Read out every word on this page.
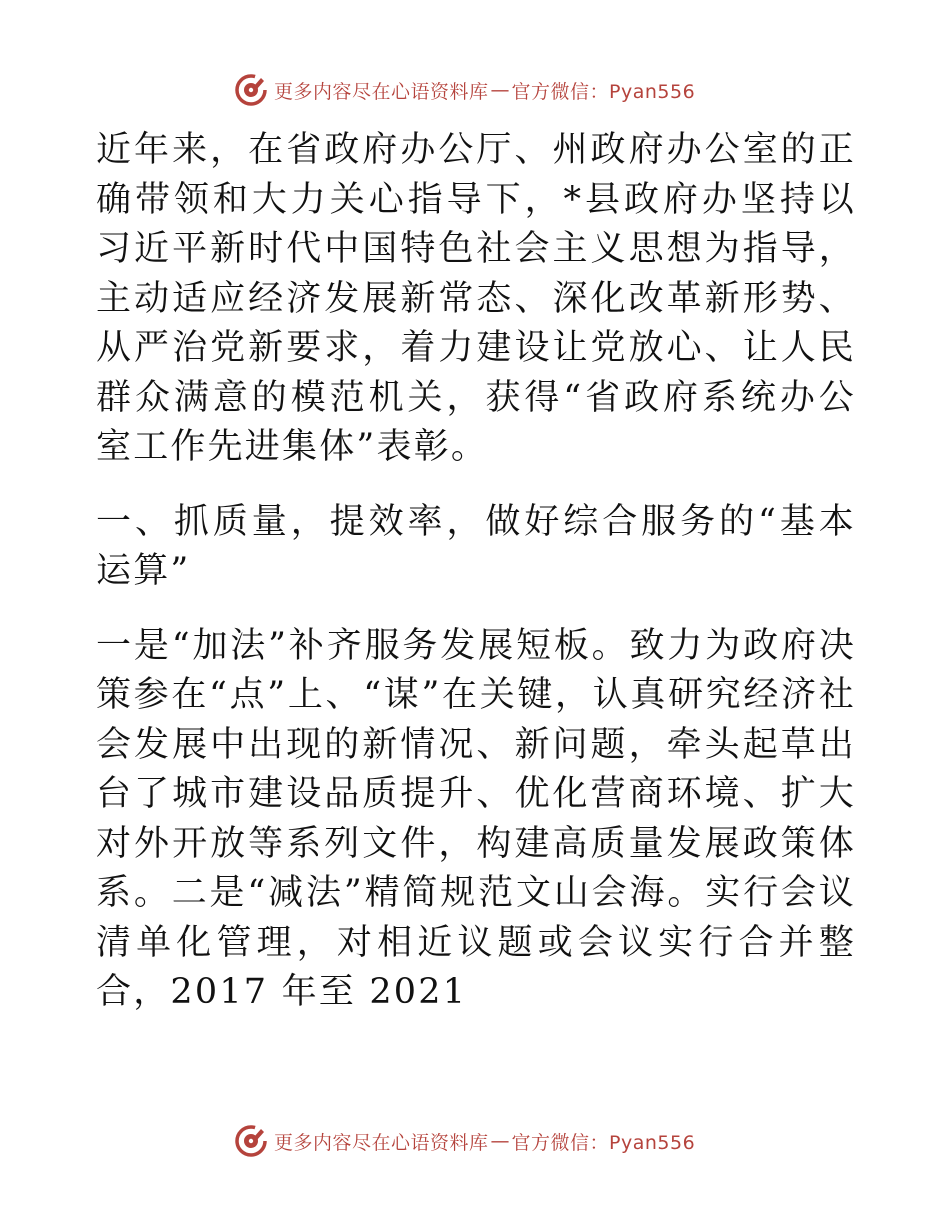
更多内容尽在心语资料库 — 官方微信：Pyan556

近年来，在省政府办公厅、州政府办公室的正确带领和大力关心指导下，*县政府办坚持以习近平新时代中国特色社会主义思想为指导，主动适应经济发展新常态、深化改革新形势、从严治党新要求，着力建设让党放心、让人民群众满意的模范机关，获得“省政府系统办公室工作先进集体”表彰。

一、抓质量，提效率，做好综合服务的“基本运算”

一是“加法”补齐服务发展短板。致力为政府决策参在“点”上、“谋”在关键，认真研究经济社会发展中出现的新情况、新问题，牵头起草出台了城市建设品质提升、优化营商环境、扩大对外开放等系列文件，构建高质量发展政策体系。二是“减法”精简规范文山会海。实行会议清单化管理，对相近议题或会议实行合并整合，2017 年至 2021

更多内容尽在心语资料库 — 官方微信：Pyan556
